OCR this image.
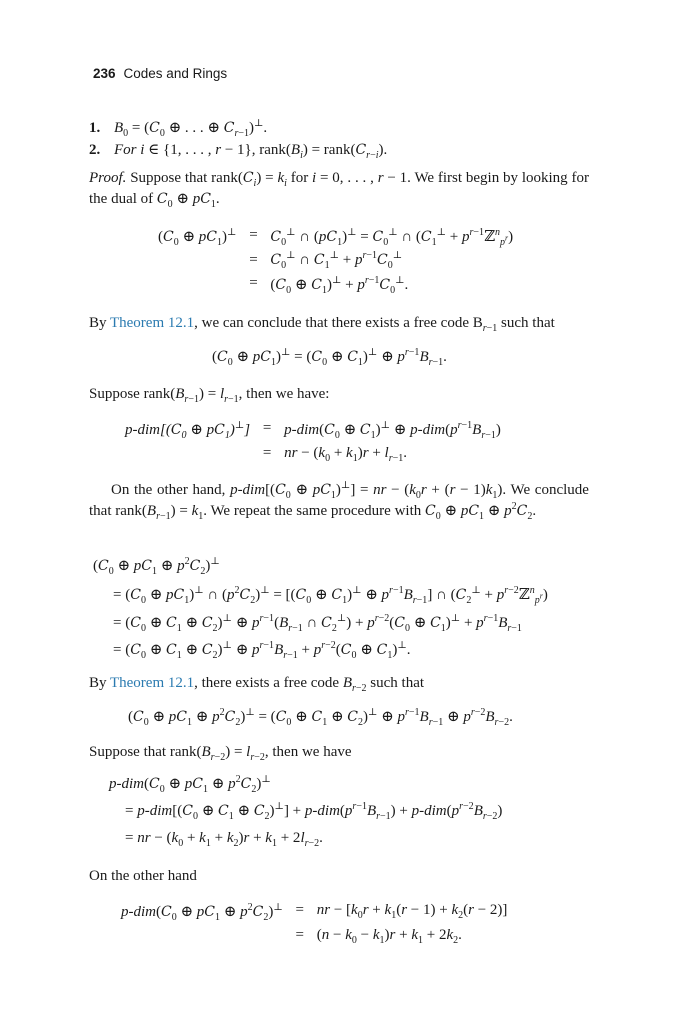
236 Codes and Rings
1. $B_0 = (C_0$ ⊕ . . . ⊕ $C_{r-1})^\perp$.
2. For i ∈ {1, . . . , r − 1}, $rank(B_i)$ = $rank(C_{r-i})$.
Proof. Suppose that $rank(C_i) = k_i$ for i = 0, . . . , r − 1. We first begin by looking for the dual of $C_0$ ⊕ $pC_1$.
($C_0$ ⊕ $pC_1)^\perp = C_0^\perp$ ∩ $(pC_1)^\perp = C_0^\perp$ ∩ ($C_1^\perp$ + $p^{r-1}ℤ^n_{p^r}$)
= $C_0^\perp$ ∩ $C_1^\perp + p^{r-1}C_0^\perp$
= ($C_0$ ⊕ $C_1)^\perp + p^{r-1}C_0^\perp$.
By Theorem 12.1, we can conclude that there exists a free code $B_{r-1}$ such that
($C_0$ ⊕ $pC_1)^\perp = (C_0$ ⊕ $C_1)^\perp$ ⊕ $p^{r-1}B_{r-1}$.
Suppose $rank(B_{r-1}) = l_{r-1}$, then we have:
$p-dim[(C_0$ ⊕ $pC_1)^\perp] = p-dim(C_0$ ⊕ $C_1)^\perp$ ⊕ $p-dim(p^{r-1}B_{r-1})$
= nr − $(k_0 + k_1)r + l_{r-1}$.
On the other hand, $p-dim[(C_0$ ⊕ $pC_1)^\perp$] = nr − $(k_0r + (r - 1)k_1)$. We conclude that $rank(B_{r-1}) = k_1$. We repeat the same procedure with $C_0$ ⊕ $pC_1$ ⊕ $p^2C_2$.
($C_0$ ⊕ $pC_1$ ⊕ $p^2C_2)^\perp$
= ($C_0$ ⊕ $pC_1)^\perp$ ∩ $(p^2C_2)^\perp = [(C_0$ ⊕ $C_1)^\perp$ ⊕ $p^{r-1}B_{r-1}$] ∩ ($C_2^\perp$ + $p^{r-2}ℤ^n_{p^r}$)
= ($C_0$ ⊕ $C_1$ ⊕ $C_2)^\perp$ ⊕ $p^{r-1}(B_{r-1}$ ∩ $C_2^\perp) + p^{r-2}(C_0$ ⊕ $C_1)^\perp + p^{r-1}B_{r-1}$
= ($C_0$ ⊕ $C_1$ ⊕ $C_2)^\perp$ ⊕ $p^{r-1}B_{r-1} + p^{r-2}(C_0$ ⊕ $C_1)^\perp$.
By Theorem 12.1, there exists a free code $B_{r-2}$ such that
($C_0$ ⊕ $pC_1$ ⊕ $p^2C_2)^\perp = (C_0$ ⊕ $C_1$ ⊕ $C_2)^\perp$ ⊕ $p^{r-1}B_{r-1}$ ⊕ $p^{r-2}B_{r-2}$.
Suppose that $rank(B_{r-2}) = l_{r-2}$, then we have
$p-dim(C_0$ ⊕ $pC_1$ ⊕ $p^2C_2)^\perp$
= $p-dim[(C_0$ ⊕ $C_1$ ⊕ $C_2)^\perp] + p-dim(p^{r-1}B_{r-1}) + p-dim(p^{r-2}B_{r-2})$
= nr − $(k_0 + k_1 + k_2)r + k_1 + 2l_{r-2}$.
On the other hand
$p-dim(C_0$ ⊕ $pC_1$ ⊕ $p^2C_2)^\perp$ = nr − $[k_0r + k_1(r - 1) + k_2(r - 2)]$
= $(n - k_0 - k_1)r + k_1 + 2k_2$.
